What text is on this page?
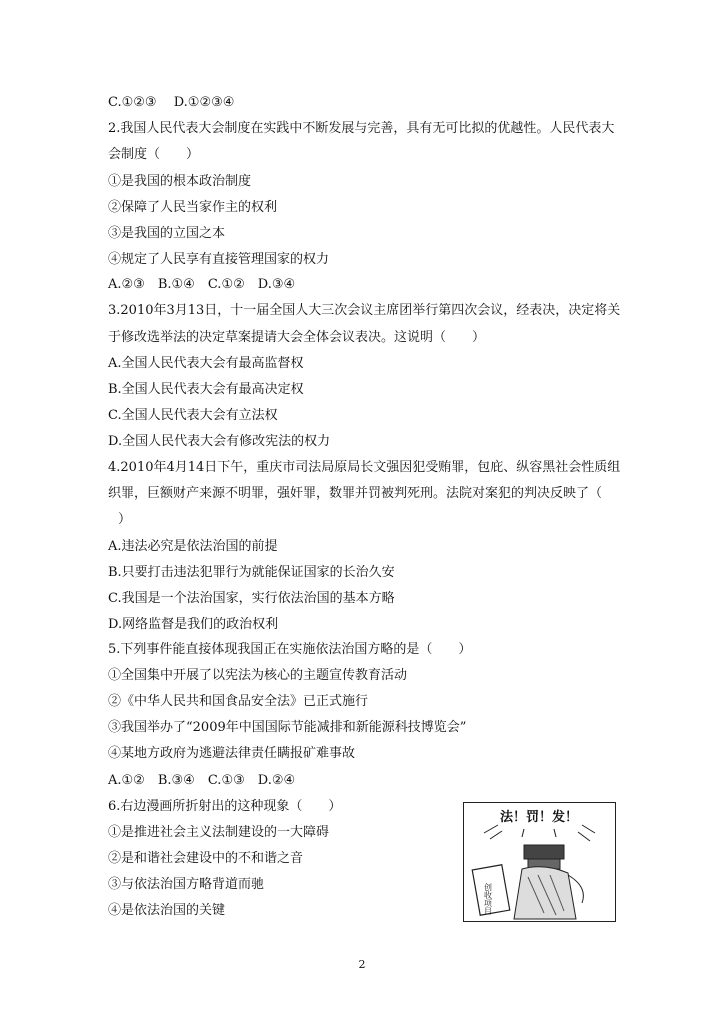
C.①②③　 D.①②③④
2.我国人民代表大会制度在实践中不断发展与完善，具有无可比拟的优越性。人民代表大
会制度（　　）
①是我国的根本政治制度
②保障了人民当家作主的权利
③是我国的立国之本
④规定了人民享有直接管理国家的权力
A.②③　B.①④　C.①②　D.③④
3.2010年3月13日，十一届全国人大三次会议主席团举行第四次会议，经表决，决定将关
于修改选举法的决定草案提请大会全体会议表决。这说明（　　）
A.全国人民代表大会有最高监督权
B.全国人民代表大会有最高决定权
C.全国人民代表大会有立法权
D.全国人民代表大会有修改宪法的权力
4.2010年4月14日下午，重庆市司法局原局长文强因犯受贿罪，包庇、纵容黑社会性质组
织罪，巨额财产来源不明罪，强奸罪，数罪并罚被判死刑。法院对案犯的判决反映了（
）
A.违法必究是依法治国的前提
B.只要打击违法犯罪行为就能保证国家的长治久安
C.我国是一个法治国家，实行依法治国的基本方略
D.网络监督是我们的政治权利
5.下列事件能直接体现我国正在实施依法治国方略的是（　　）
①全国集中开展了以宪法为核心的主题宣传教育活动
②《中华人民共和国食品安全法》已正式施行
③我国举办了“2009年中国国际节能减排和新能源科技博览会”
④某地方政府为逃避法律责任瞒报矿难事故
A.①②　B.③④　C.①③　D.②④
6.右边漫画所折射出的这种现象（　　）
①是推进社会主义法制建设的一大障碍
②是和谐社会建设中的不和谐之音
③与依法治国方略背道而驰
④是依法治国的关键	创收项目
法！罚！发！
2
